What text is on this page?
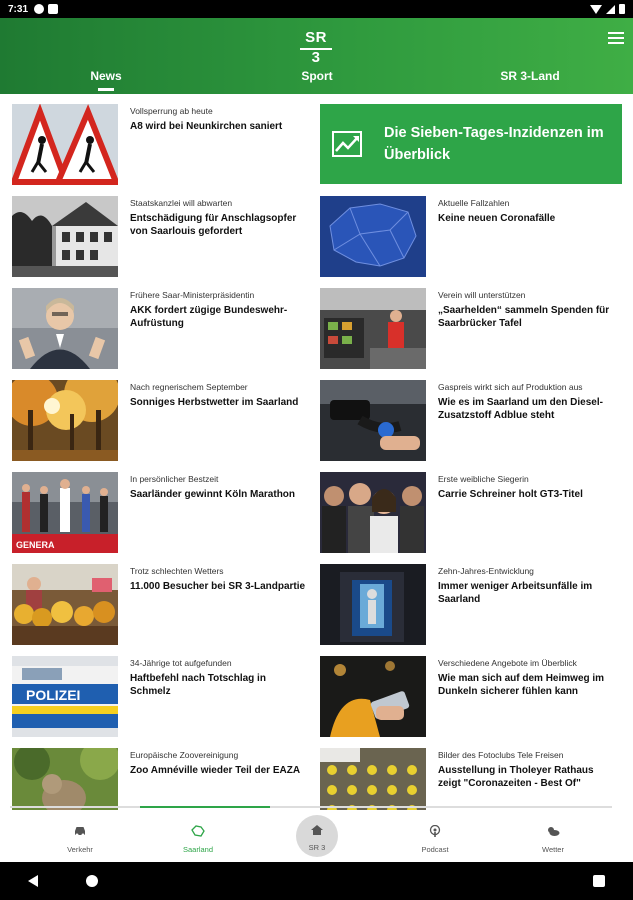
7:31
SR 3
News	Sport	SR 3-Land
Vollsperrung ab heute
A8 wird bei Neunkirchen saniert
Staatskanzlei will abwarten
Entschädigung für Anschlagsopfer von Saarlouis gefordert
Frühere Saar-Ministerpräsidentin
AKK fordert zügige Bundeswehr-Aufrüstung
Nach regnerischem September
Sonniges Herbstwetter im Saarland
GENERA
In persönlicher Bestzeit
Saarländer gewinnt Köln Marathon
Trotz schlechten Wetters
11.000 Besucher bei SR 3-Landpartie
POLIZEI
34-Jährige tot aufgefunden
Haftbefehl nach Totschlag in Schmelz
Europäische Zoovereinigung
Zoo Amnéville wieder Teil der EAZA
Die Sieben-Tages-Inzidenzen im Überblick
Aktuelle Fallzahlen
Keine neuen Coronafälle
Verein will unterstützen
„Saarhelden“ sammeln Spenden für Saarbrücker Tafel
Gaspreis wirkt sich auf Produktion aus
Wie es im Saarland um den Diesel-Zusatzstoff Adblue steht
Erste weibliche Siegerin
Carrie Schreiner holt GT3-Titel
Zehn-Jahres-Entwicklung
Immer weniger Arbeitsunfälle im Saarland
Verschiedene Angebote im Überblick
Wie man sich auf dem Heimweg im Dunkeln sicherer fühlen kann
Bilder des Fotoclubs Tele Freisen
Ausstellung in Tholeyer Rathaus zeigt "Coronazeiten - Best Of"
Verkehr	Saarland	SR 3	Podcast	Wetter
